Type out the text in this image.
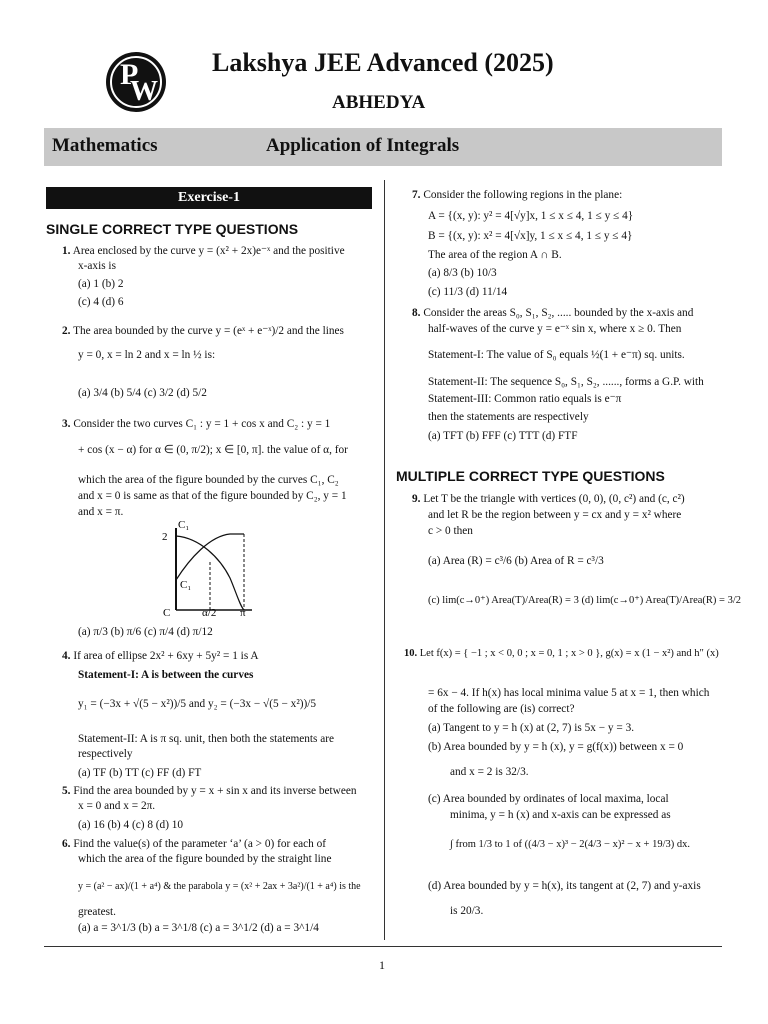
P
W
Lakshya JEE Advanced (2025)
ABHEDYA
Mathematics	Application of Integrals
Exercise-1
SINGLE CORRECT TYPE QUESTIONS
1. Area enclosed by the curve y = (x² + 2x)e⁻ˣ and the positive
x-axis is
(a) 1 (b) 2
(c) 4 (d) 6
2. The area bounded by the curve y = (eˣ + e⁻ˣ)/2 and the lines
y = 0, x = ln 2 and x = ln ½ is:
(a) 3/4 (b) 5/4 (c) 3/2 (d) 5/2
3. Consider the two curves C₁ : y = 1 + cos x and C₂ : y = 1
+ cos (x − α) for α ∈ (0, π/2); x ∈ [0, π]. the value of α, for
which the area of the figure bounded by the curves C₁, C₂
and x = 0 is same as that of the figure bounded by C₂, y = 1
and x = π.
2
C₁
C₁
C	α/2 π
(a) π/3 (b) π/6 (c) π/4 (d) π/12
4. If area of ellipse 2x² + 6xy + 5y² = 1 is A
Statement-I: A is between the curves
y₁ = (−3x + √(5 − x²))/5 and y₂ = (−3x − √(5 − x²))/5
Statement-II: A is π sq. unit, then both the statements are
respectively
(a) TF (b) TT (c) FF (d) FT
5. Find the area bounded by y = x + sin x and its inverse between
x = 0 and x = 2π.
(a) 16 (b) 4 (c) 8 (d) 10
6. Find the value(s) of the parameter ‘a’ (a > 0) for each of
which the area of the figure bounded by the straight line
y = (a² − ax)/(1 + a⁴) & the parabola y = (x² + 2ax + 3a²)/(1 + a⁴) is the
greatest.
(a) a = 3^1/3 (b) a = 3^1/8 (c) a = 3^1/2 (d) a = 3^1/4
7. Consider the following regions in the plane:
A = {(x, y): y² = 4[√y]x, 1 ≤ x ≤ 4, 1 ≤ y ≤ 4}
B = {(x, y): x² = 4[√x]y, 1 ≤ x ≤ 4, 1 ≤ y ≤ 4}
The area of the region A ∩ B.
(a) 8/3 (b) 10/3
(c) 11/3 (d) 11/14
8. Consider the areas S₀, S₁, S₂, ..... bounded by the x-axis and
half-waves of the curve y = e⁻ˣ sin x, where x ≥ 0. Then
Statement-I: The value of S₀ equals ½(1 + e⁻π) sq. units.
Statement-II: The sequence S₀, S₁, S₂, ......, forms a G.P. with
Statement-III: Common ratio equals is e⁻π
then the statements are respectively
(a) TFT (b) FFF (c) TTT (d) FTF
MULTIPLE CORRECT TYPE QUESTIONS
9. Let T be the triangle with vertices (0, 0), (0, c²) and (c, c²)
and let R be the region between y = cx and y = x² where
c > 0 then
(a) Area (R) = c³/6 (b) Area of R = c³/3
(c) lim(c→0⁺) Area(T)/Area(R) = 3 (d) lim(c→0⁺) Area(T)/Area(R) = 3/2
10. Let f(x) = { −1 ; x < 0, 0 ; x = 0, 1 ; x > 0 }, g(x) = x (1 − x²) and h″ (x)
= 6x − 4. If h(x) has local minima value 5 at x = 1, then which
of the following are (is) correct?
(a) Tangent to y = h (x) at (2, 7) is 5x − y = 3.
(b) Area bounded by y = h (x), y = g(f(x)) between x = 0
and x = 2 is 32/3.
(c) Area bounded by ordinates of local maxima, local
minima, y = h (x) and x-axis can be expressed as
∫ from 1/3 to 1 of ((4/3 − x)³ − 2(4/3 − x)² − x + 19/3) dx.
(d) Area bounded by y = h(x), its tangent at (2, 7) and y-axis
is 20/3.
1
